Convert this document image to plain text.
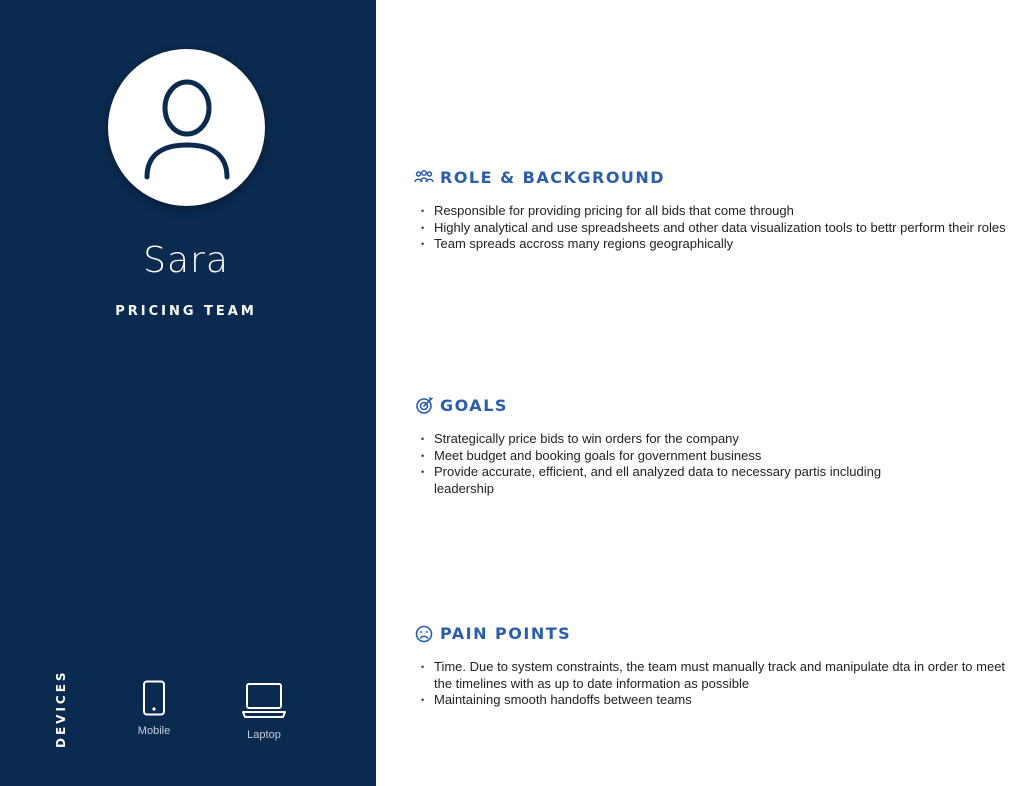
Sara
PRICING TEAM
DEVICES	Mobile	Laptop
ROLE & BACKGROUND
• Responsible for providing pricing for all bids that come through
• Highly analytical and use spreadsheets and other data visualization tools to bettr perform their roles
• Team spreads accross many regions geographically
GOALS
• Strategically price bids to win orders for the company
• Meet budget and booking goals for government business
• Provide accurate, efficient, and ell analyzed data to necessary partis including leadership
PAIN POINTS
• Time. Due to system constraints, the team must manually track and manipulate dta in order to meet the timelines with as up to date information as possible
• Maintaining smooth handoffs between teams
